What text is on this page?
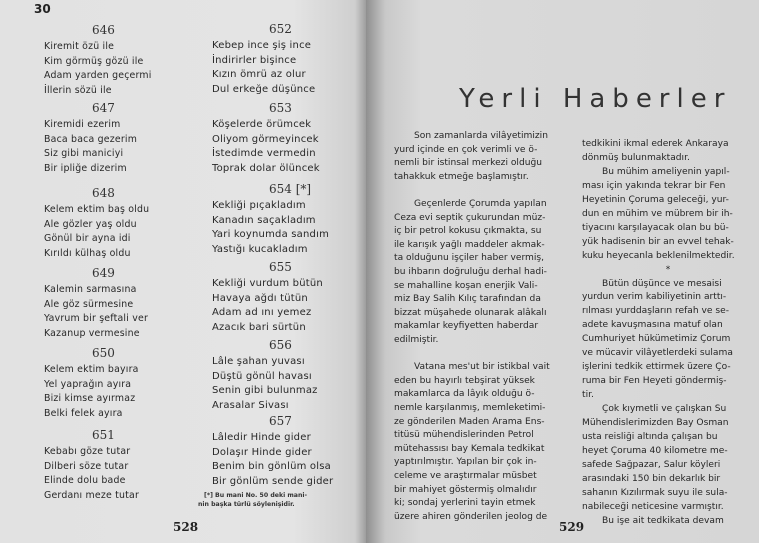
30
646
Kiremit özü ile
Kim görmüş gözü ile
Adam yarden geçermi
İllerin sözü ile
647
Kiremidi ezerim
Baca baca gezerim
Siz gibi maniciyi
Bir ipliğe dizerim
648
Kelem ektim baş oldu
Ale gözler yaş oldu
Gönül bir ayna idi
Kırıldı külhaş oldu
649
Kalemin sarmasına
Ale göz sürmesine
Yavrum bir şeftali ver
Kazanup vermesine
650
Kelem ektim bayıra
Yel yaprağın ayıra
Bizi kimse ayırmaz
Belki felek ayıra
651
Kebabı göze tutar
Dilberi söze tutar
Elinde dolu bade
Gerdanı meze tutar
652
Kebep ince şiş ince
İndirirler bişince
Kızın ömrü az olur
Dul erkeğe düşünce
653
Köşelerde örümcek
Oliyom görmeyincek
İstedimde vermedin
Toprak dolar ölüncek
654 [*]
Kekliği pıçakladım
Kanadın saçakladım
Yari koynumda sandım
Yastığı kucakladım
655
Kekliği vurdum bütün
Havaya ağdı tütün
Adam ad ını yemez
Azacık bari sürtün
656
Lâle şahan yuvası
Düştü gönül havası
Senin gibi bulunmaz
Arasalar Sivası
657
Lâledir Hinde gider
Dolaşır Hinde gider
Benim bin gönlüm olsa
Bir gönlüm sende gider
[*] Bu mani No. 50 deki mani-
nin başka türlü söylenişidir.
528
Yerli Haberler
Son zamanlarda vilâyetimizin
yurd içinde en çok verimli ve ö-
nemli bir istinsal merkezi olduğu
tahakkuk etmeğe başlamıştır.
Geçenlerde Çorumda yapılan
Ceza evi septik çukurundan müz-
iç bir petrol kokusu çıkmakta, su
ile karışık yağlı maddeler akmak-
ta olduğunu işçiler haber vermiş,
bu ihbarın doğruluğu derhal hadi-
se mahalline koşan enerjik Vali-
miz Bay Salih Kılıç tarafından da
bizzat müşahede olunarak alâkalı
makamlar keyfiyetten haberdar
edilmiştir.
Vatana mes'ut bir istikbal vait
eden bu hayırlı tebşirat yüksek
makamlarca da lâyık olduğu ö-
nemle karşılanmış, memleketimi-
ze gönderilen Maden Arama Ens-
titüsü mühendislerinden Petrol
mütehassısı bay Kemala tedkikat
yaptırılmıştır. Yapılan bir çok in-
celeme ve araştırmalar müsbet
bir mahiyet göstermiş olmalıdır
ki; sondaj yerlerini tayin etmek
üzere ahiren gönderilen jeolog de
tedkikini ikmal ederek Ankaraya
dönmüş bulunmaktadır.
Bu mühim ameliyenin yapıl-
ması için yakında tekrar bir Fen
Heyetinin Çoruma geleceği, yur-
dun en mühim ve mübrem bir ih-
tiyacını karşılayacak olan bu bü-
yük hadisenin bir an evvel tehak-
kuku heyecanla beklenilmektedir.
*
Bütün düşünce ve mesaisi
yurdun verim kabiliyetinin arttı-
rılması yurddaşların refah ve se-
adete kavuşmasına matuf olan
Cumhuriyet hükümetimiz Çorum
ve mücavir vilâyetlerdeki sulama
işlerini tedkik ettirmek üzere Ço-
ruma bir Fen Heyeti göndermiş-
tir.
Çok kıymetli ve çalışkan Su
Mühendislerimizden Bay Osman
usta reisliği altında çalışan bu
heyet Çoruma 40 kilometre me-
safede Sağpazar, Salur köyleri
arasındaki 150 bin dekarlık bir
sahanın Kızılırmak suyu ile sula-
nabileceği neticesine varmıştır.
Bu işe ait tedkikata devam
529
